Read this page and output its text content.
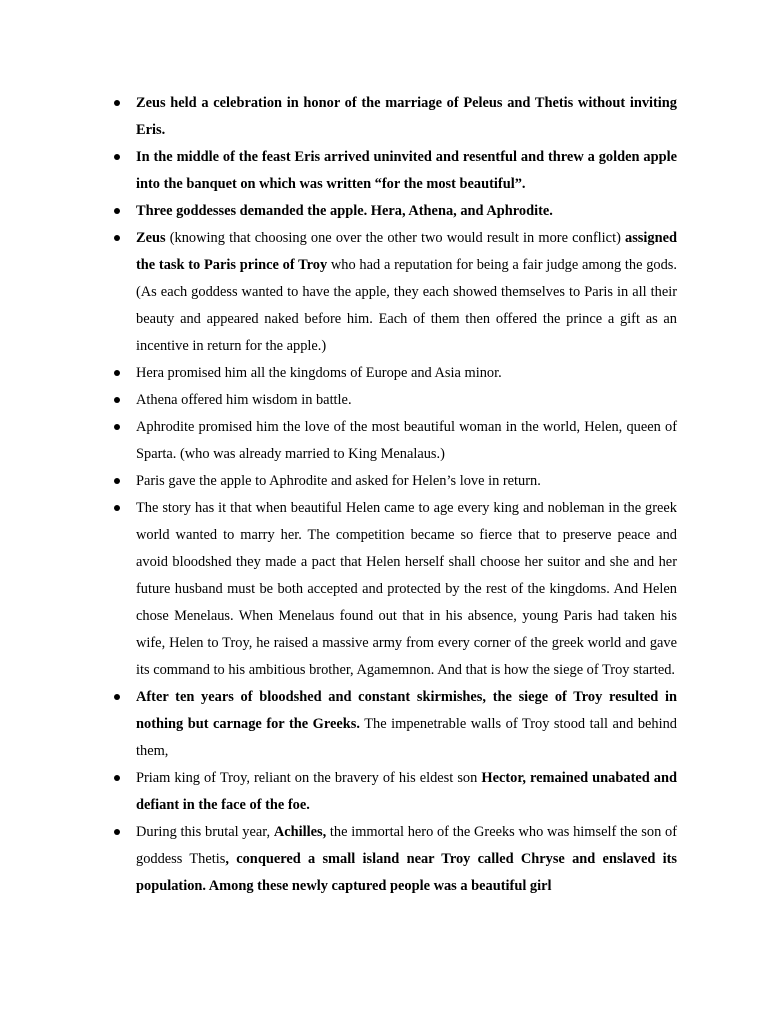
Zeus held a celebration in honor of the marriage of Peleus and Thetis without inviting Eris.
In the middle of the feast Eris arrived uninvited and resentful and threw a golden apple into the banquet on which was written “for the most beautiful”.
Three goddesses demanded the apple. Hera, Athena, and Aphrodite.
Zeus (knowing that choosing one over the other two would result in more conflict) assigned the task to Paris prince of Troy who had a reputation for being a fair judge among the gods. (As each goddess wanted to have the apple, they each showed themselves to Paris in all their beauty and appeared naked before him. Each of them then offered the prince a gift as an incentive in return for the apple.)
Hera promised him all the kingdoms of Europe and Asia minor.
Athena offered him wisdom in battle.
Aphrodite promised him the love of the most beautiful woman in the world, Helen, queen of Sparta. (who was already married to King Menalaus.)
Paris gave the apple to Aphrodite and asked for Helen’s love in return.
The story has it that when beautiful Helen came to age every king and nobleman in the greek world wanted to marry her. The competition became so fierce that to preserve peace and avoid bloodshed they made a pact that Helen herself shall choose her suitor and she and her future husband must be both accepted and protected by the rest of the kingdoms. And Helen chose Menelaus. When Menelaus found out that in his absence, young Paris had taken his wife, Helen to Troy, he raised a massive army from every corner of the greek world and gave its command to his ambitious brother, Agamemnon. And that is how the siege of Troy started.
After ten years of bloodshed and constant skirmishes, the siege of Troy resulted in nothing but carnage for the Greeks. The impenetrable walls of Troy stood tall and behind them,
Priam king of Troy, reliant on the bravery of his eldest son Hector, remained unabated and defiant in the face of the foe.
During this brutal year, Achilles, the immortal hero of the Greeks who was himself the son of goddess Thetis, conquered a small island near Troy called Chryse and enslaved its population. Among these newly captured people was a beautiful girl
